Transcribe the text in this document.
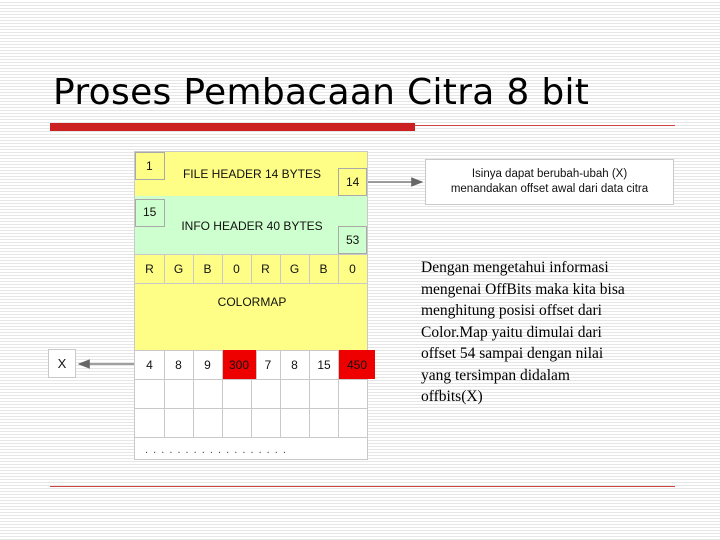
Proses Pembacaan Citra 8 bit
1
FILE HEADER 14 BYTES
14
15
INFO HEADER 40 BYTES
53
COLORMAP
R	G	B	0	R	G	B	0
4	8	9	300	7	8	15	450
. . . . . . . . . . . . . . . . . .
Isinya dapat berubah-ubah (X)
menandakan offset awal dari data citra
X
Dengan mengetahui informasi
mengenai OffBits maka kita bisa
menghitung posisi offset dari
Color.Map yaitu dimulai dari
offset 54 sampai dengan nilai
yang tersimpan didalam
offbits(X)
